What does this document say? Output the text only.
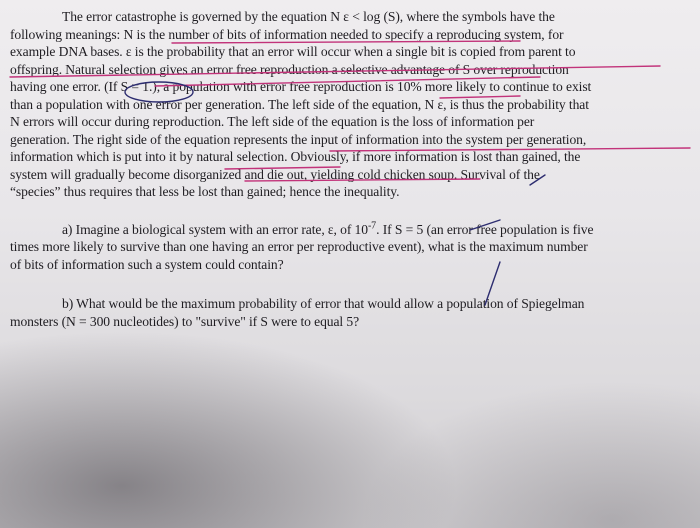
The error catastrophe is governed by the equation N ε < log (S), where the symbols have the
following meanings: N is the number of bits of information needed to specify a reproducing system, for
example DNA bases. ε is the probability that an error will occur when a single bit is copied from parent to
offspring. Natural selection gives an error free reproduction a selective advantage of S over reproduction
having one error. (If S = 1.), a population with error free reproduction is 10% more likely to continue to exist
than a population with one error per generation. The left side of the equation, N ε, is thus the probability that
N errors will occur during reproduction. The left side of the equation is the loss of information per
generation. The right side of the equation represents the input of information into the system per generation,
information which is put into it by natural selection. Obviously, if more information is lost than gained, the
system will gradually become disorganized and die out, yielding cold chicken soup. Survival of the
“species” thus requires that less be lost than gained; hence the inequality.

a) Imagine a biological system with an error rate, ε, of $10^{-7}$. If S = 5 (an error free population is five
times more likely to survive than one having an error per reproductive event), what is the maximum number
of bits of information such a system could contain?

b) What would be the maximum probability of error that would allow a population of Spiegelman
monsters (N = 300 nucleotides) to "survive" if S were to equal 5?
